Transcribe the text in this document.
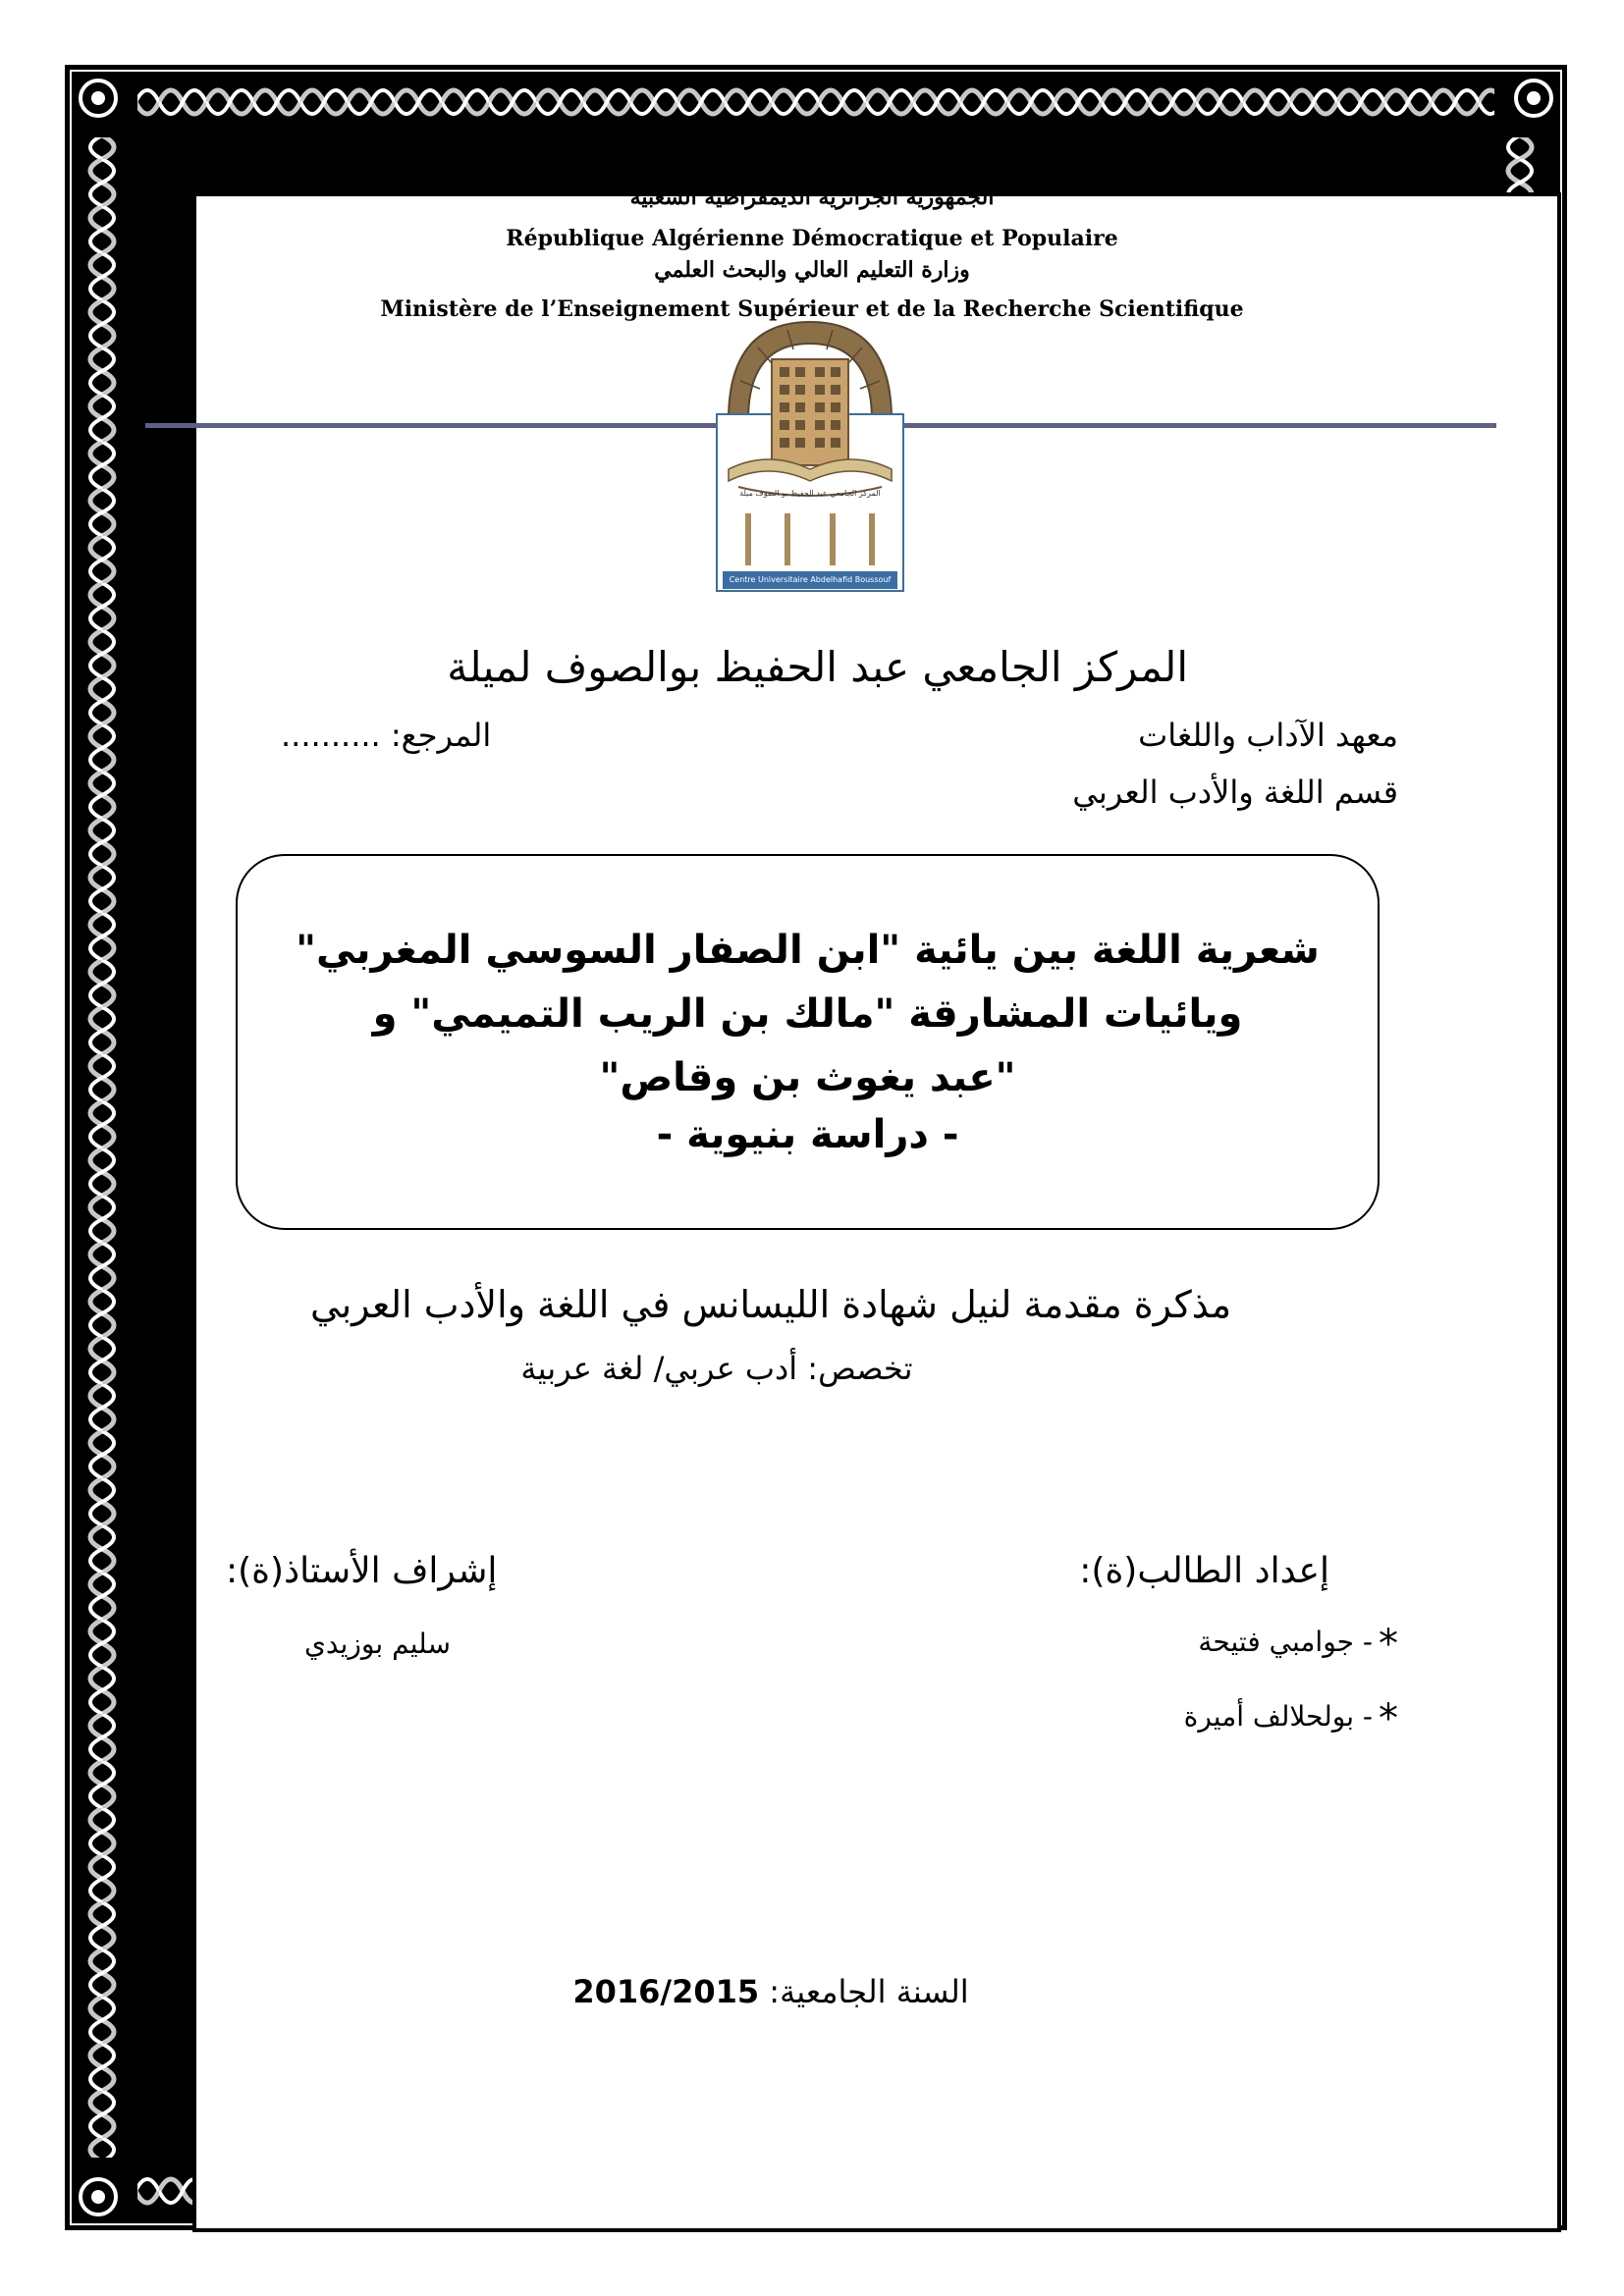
الجمهورية الجزائرية الديمقراطية الشعبية
République Algérienne Démocratique et Populaire
وزارة التعليم العالي والبحث العلمي
Ministère de l’Enseignement Supérieur et de la Recherche Scientifique
المركز الجامعي عبد الحفيظ بو الصوف ميلة
Centre Universitaire Abdelhafid Boussouf Mila
المركز الجامعي عبد الحفيظ بوالصوف لميلة
معهد الآداب واللغات
المرجع: ..........
قسم اللغة والأدب العربي
شعرية اللغة بين يائية "ابن الصفار السوسي المغربي"
ويائيات المشارقة "مالك بن الريب التميمي" و
"عبد يغوث بن وقاص"
- دراسة بنيوية -
مذكرة مقدمة لنيل شهادة الليسانس في اللغة والأدب العربي
تخصص: أدب عربي/ لغة عربية
إعداد الطالب(ة):
إشراف الأستاذ(ة):
*- جوامبي فتيحة
*- بولحلالف أميرة
سليم بوزيدي
السنة الجامعية: 2016/2015
